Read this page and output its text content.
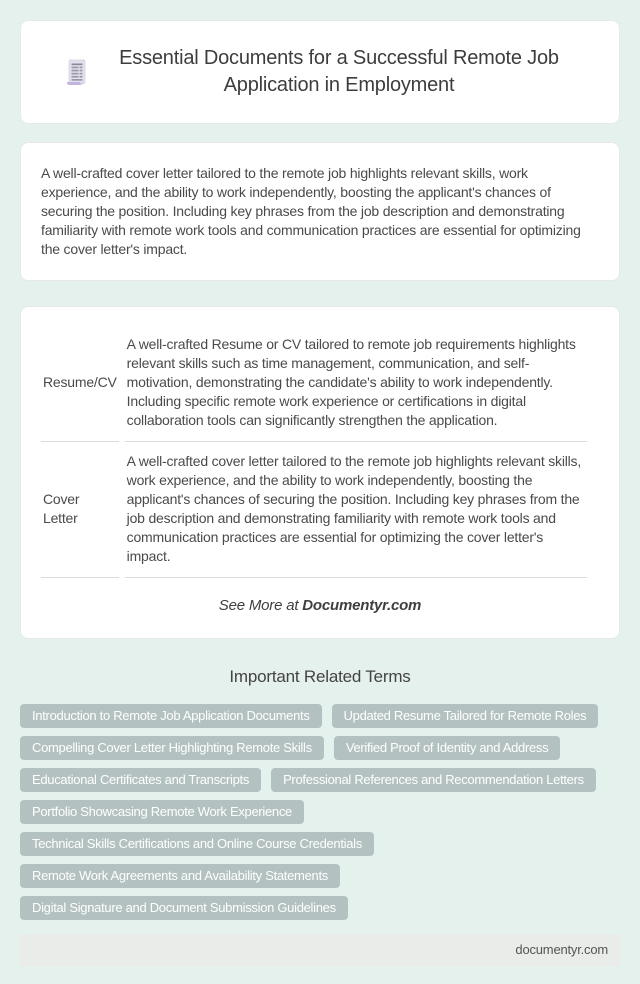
Essential Documents for a Successful Remote Job Application in Employment

A well-crafted cover letter tailored to the remote job highlights relevant skills, work experience, and the ability to work independently, boosting the applicant's chances of securing the position. Including key phrases from the job description and demonstrating familiarity with remote work tools and communication practices are essential for optimizing the cover letter's impact.

Resume/CV	A well-crafted Resume or CV tailored to remote job requirements highlights relevant skills such as time management, communication, and self-motivation, demonstrating the candidate's ability to work independently. Including specific remote work experience or certifications in digital collaboration tools can significantly strengthen the application.
Cover Letter	A well-crafted cover letter tailored to the remote job highlights relevant skills, work experience, and the ability to work independently, boosting the applicant's chances of securing the position. Including key phrases from the job description and demonstrating familiarity with remote work tools and communication practices are essential for optimizing the cover letter's impact.
See More at Documentyr.com
Important Related Terms
Introduction to Remote Job Application Documents	Updated Resume Tailored for Remote Roles
Compelling Cover Letter Highlighting Remote Skills	Verified Proof of Identity and Address
Educational Certificates and Transcripts	Professional References and Recommendation Letters
Portfolio Showcasing Remote Work Experience
Technical Skills Certifications and Online Course Credentials
Remote Work Agreements and Availability Statements
Digital Signature and Document Submission Guidelines
documentyr.com
